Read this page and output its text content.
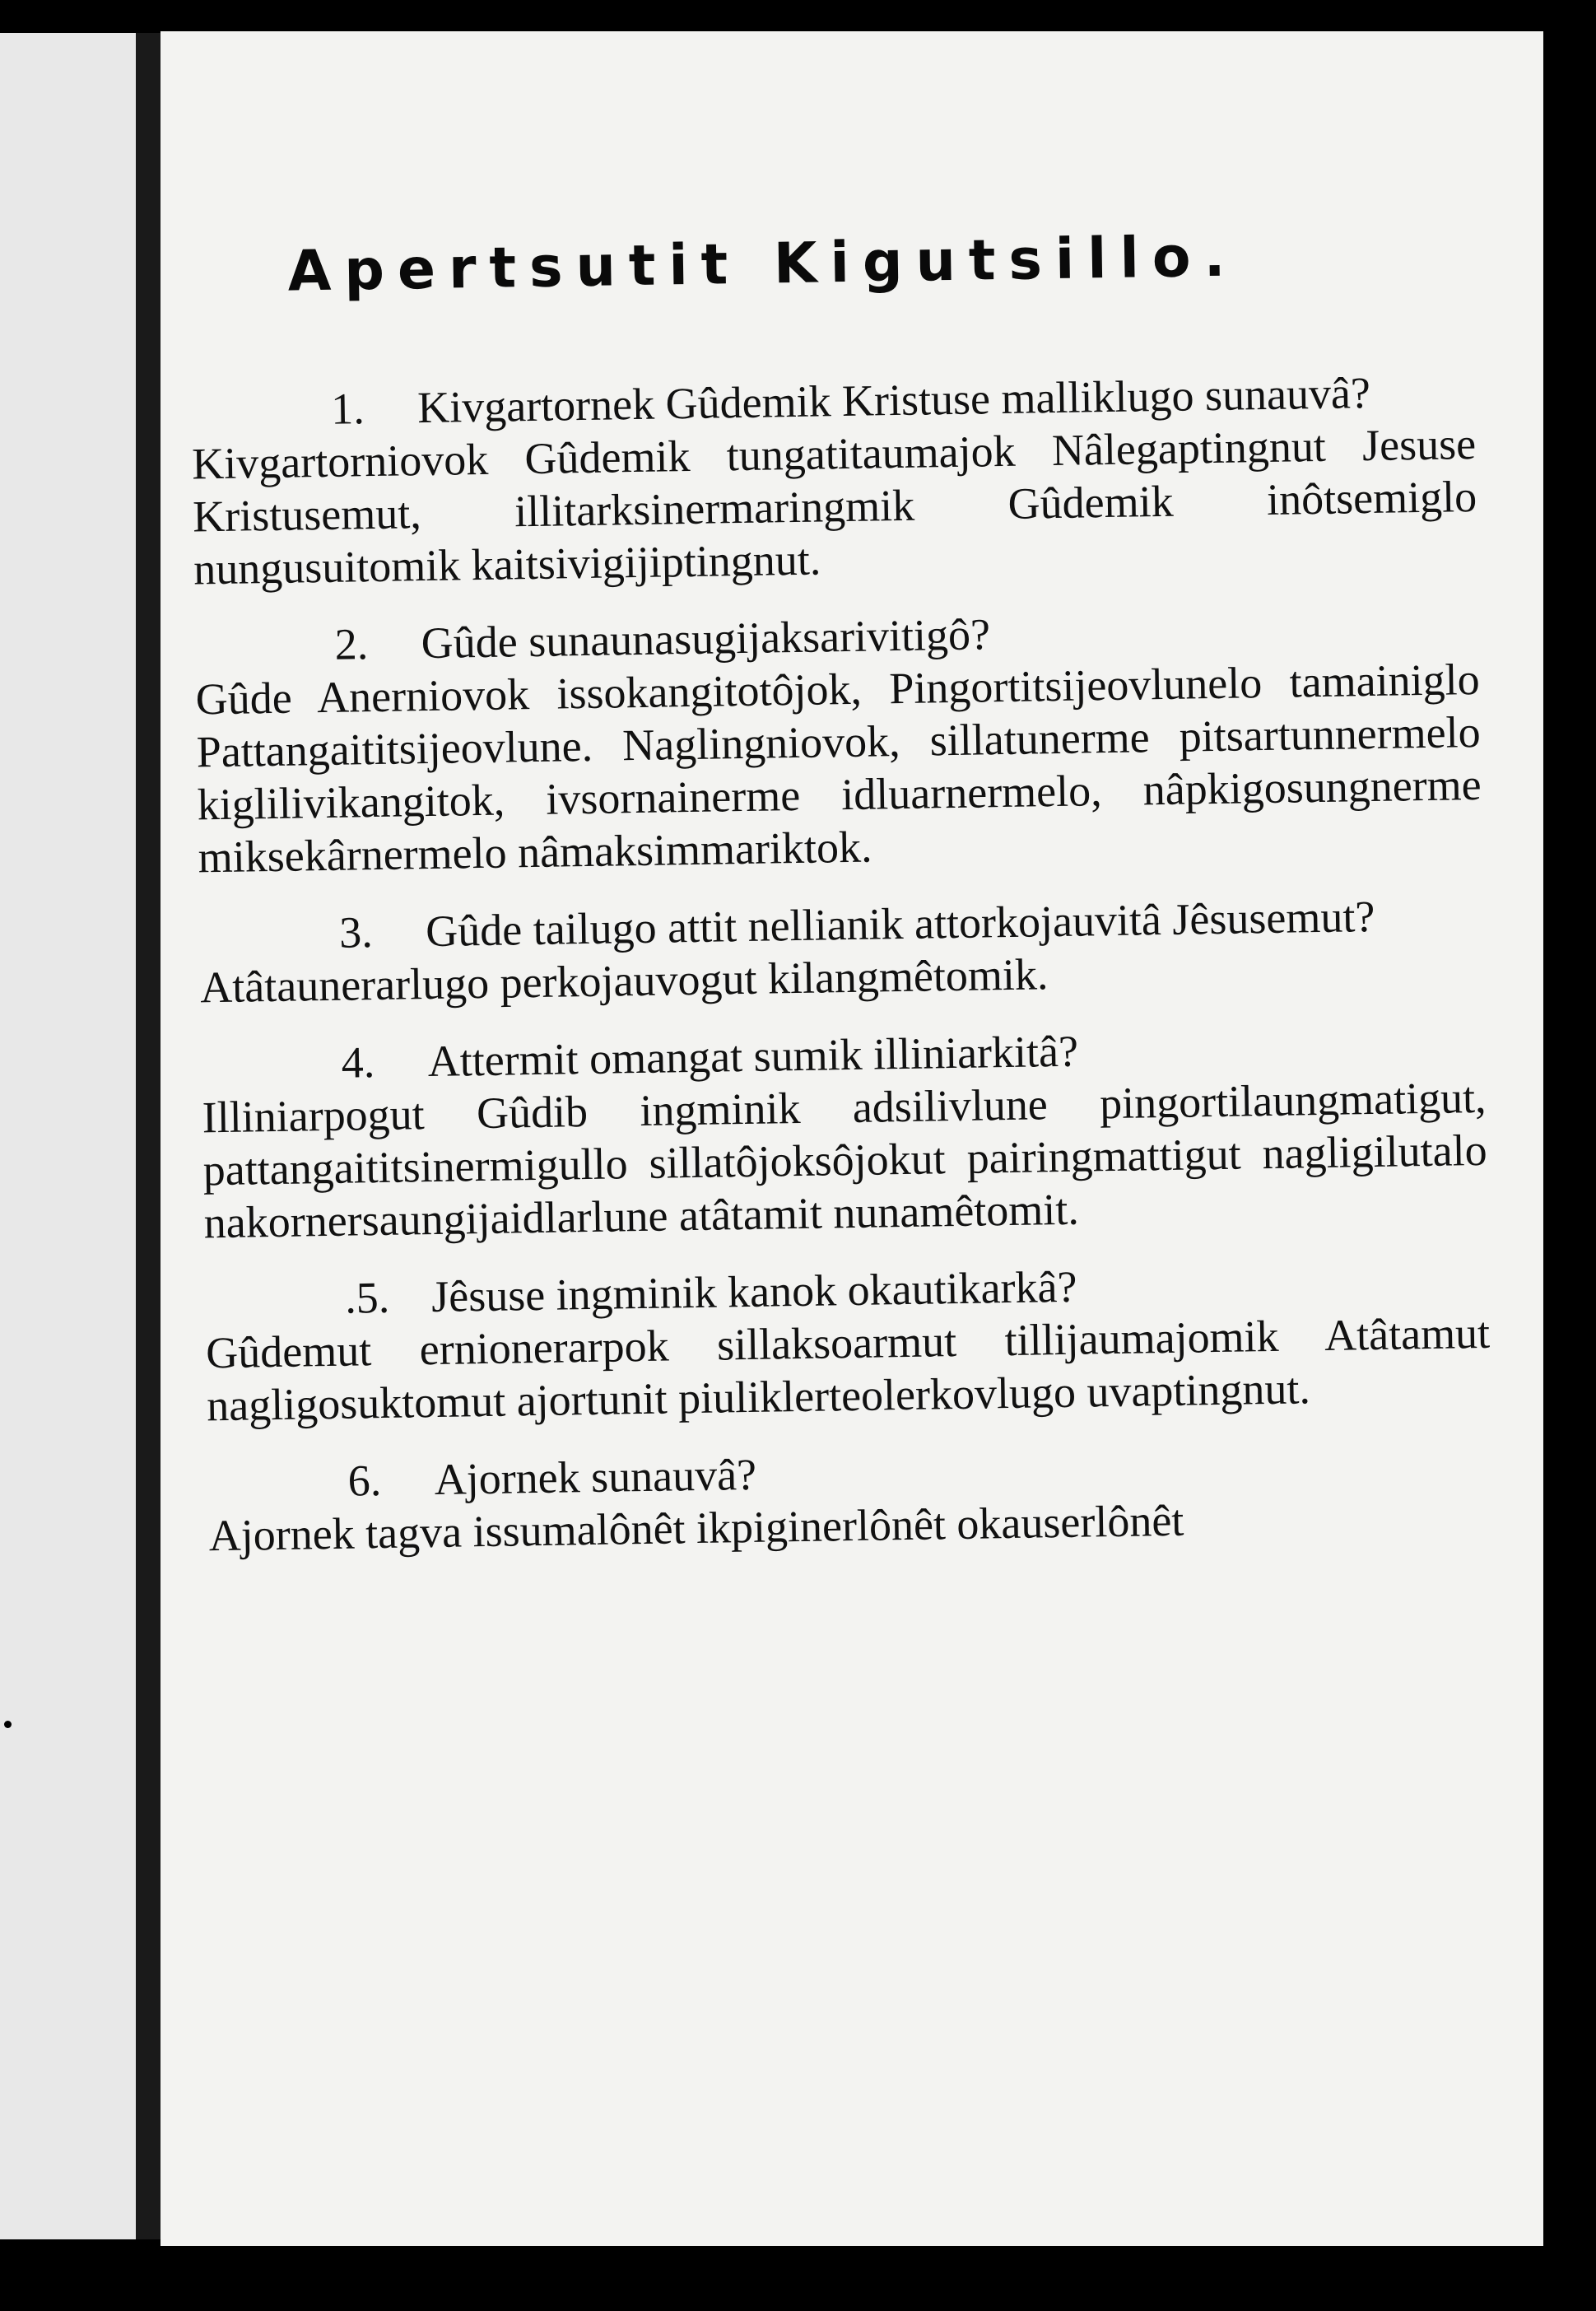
Apertsutit Kigutsillo.
1. Kivgartornek Gûdemik Kristuse malliklugo sunauvâ?
Kivgartorniovok Gûdemik tungatitaumajok Nâlegaptingnut Jesuse Kristusemut, illitarksinermaringmik Gûdemik inôtsemiglo nungusuitomik kaitsivigijiptingnut.
2. Gûde sunaunasugijaksarivitigô?
Gûde Anerniovok issokangitotôjok, Pingortitsijeovlunelo tamainiglo Pattangaititsijeovlune. Naglingniovok, sillatunerme pitsartunnermelo kiglilivikangitok, ivsornainerme idluarnermelo, nâpkigosungnerme miksekârnermelo nâmaksimmariktok.
3. Gûde tailugo attit nellianik attorkojauvitâ Jêsusemut?
Atâtaunerarlugo perkojauvogut kilangmêtomik.
4. Attermit omangat sumik illiniarkitâ?
Illiniarpogut Gûdib ingminik adsilivlune pingortilaungmatigut, pattangaititsinermigullo sillatôjoksôjokut pairingmattigut nagligilutalo nakornersaungijaidlarlune atâtamit nunamêtomit.
.5. Jêsuse ingminik kanok okautikarkâ?
Gûdemut ernionerarpok sillaksoarmut tillijaumajomik Atâtamut nagligosuktomut ajortunit piuliklerteolerkovlugo uvaptingnut.
6. Ajornek sunauvâ?
Ajornek tagva issumalônêt ikpiginerlônêt okauserlônêt
